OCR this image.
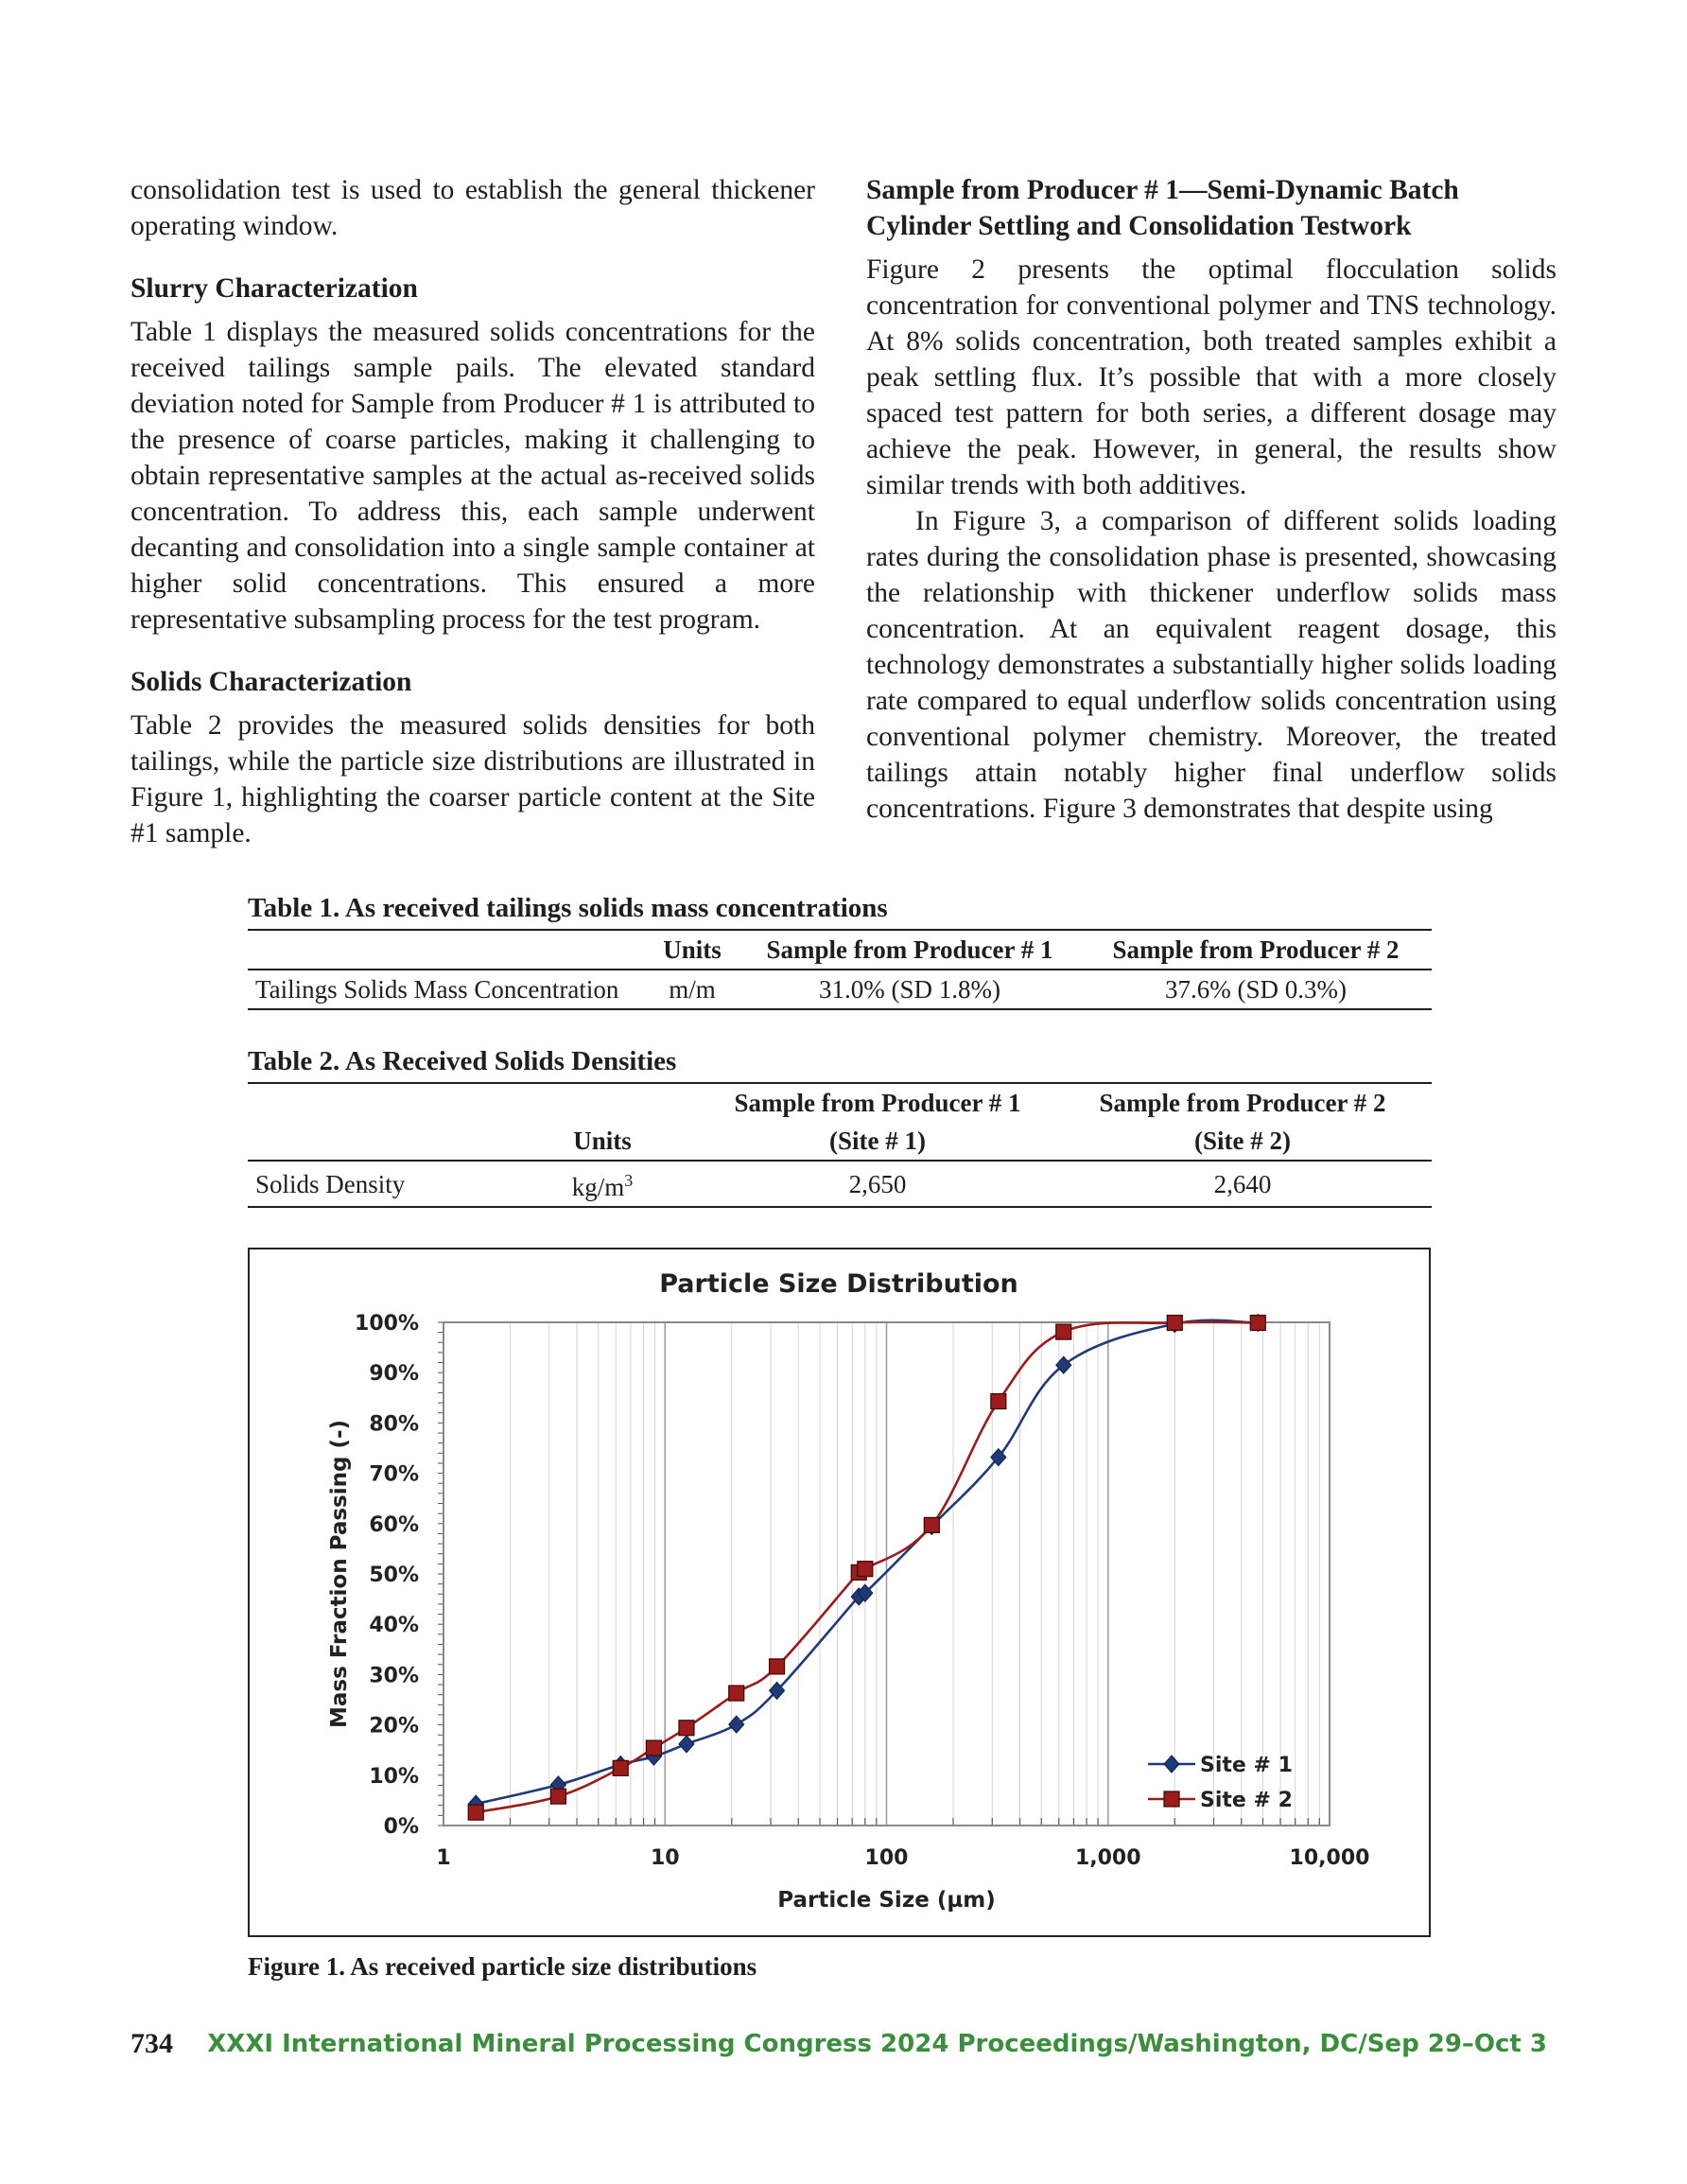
consolidation test is used to establish the general thickener operating window.

Slurry Characterization

Table 1 displays the measured solids concentrations for the received tailings sample pails. The elevated standard deviation noted for Sample from Producer # 1 is attributed to the presence of coarse particles, making it challenging to obtain representative samples at the actual as-received solids concentration. To address this, each sample underwent decanting and consolidation into a single sample container at higher solid concentrations. This ensured a more representative subsampling process for the test program.

Solids Characterization

Table 2 provides the measured solids densities for both tailings, while the particle size distributions are illustrated in Figure 1, highlighting the coarser particle content at the Site #1 sample.

Sample from Producer # 1—Semi-Dynamic Batch Cylinder Settling and Consolidation Testwork

Figure 2 presents the optimal flocculation solids concentration for conventional polymer and TNS technology. At 8% solids concentration, both treated samples exhibit a peak settling flux. It’s possible that with a more closely spaced test pattern for both series, a different dosage may achieve the peak. However, in general, the results show similar trends with both additives.

In Figure 3, a comparison of different solids loading rates during the consolidation phase is presented, showcasing the relationship with thickener underflow solids mass concentration. At an equivalent reagent dosage, this technology demonstrates a substantially higher solids loading rate compared to equal underflow solids concentration using conventional polymer chemistry. Moreover, the treated tailings attain notably higher final underflow solids concentrations. Figure 3 demonstrates that despite using

Table 1. As received tailings solids mass concentrations
	Units	Sample from Producer # 1	Sample from Producer # 2
Tailings Solids Mass Concentration	m/m	31.0% (SD 1.8%)	37.6% (SD 0.3%)
Table 2. As Received Solids Densities
		Sample from Producer # 1	Sample from Producer # 2
	Units	(Site # 1)	(Site # 2)
Solids Density	$kg/m^3$	2,650	2,640
0%
10%
20%
30%
40%
50%
60%
70%
80%
90%
100%
1	10	100	1,000	10,000
Particle Size Distribution
Particle Size (µm)
Mass Fraction Passing (-)
Site # 1
Site # 2
Figure 1. As received particle size distributions
734 XXXI International Mineral Processing Congress 2024 Proceedings/Washington, DC/Sep 29–Oct 3
